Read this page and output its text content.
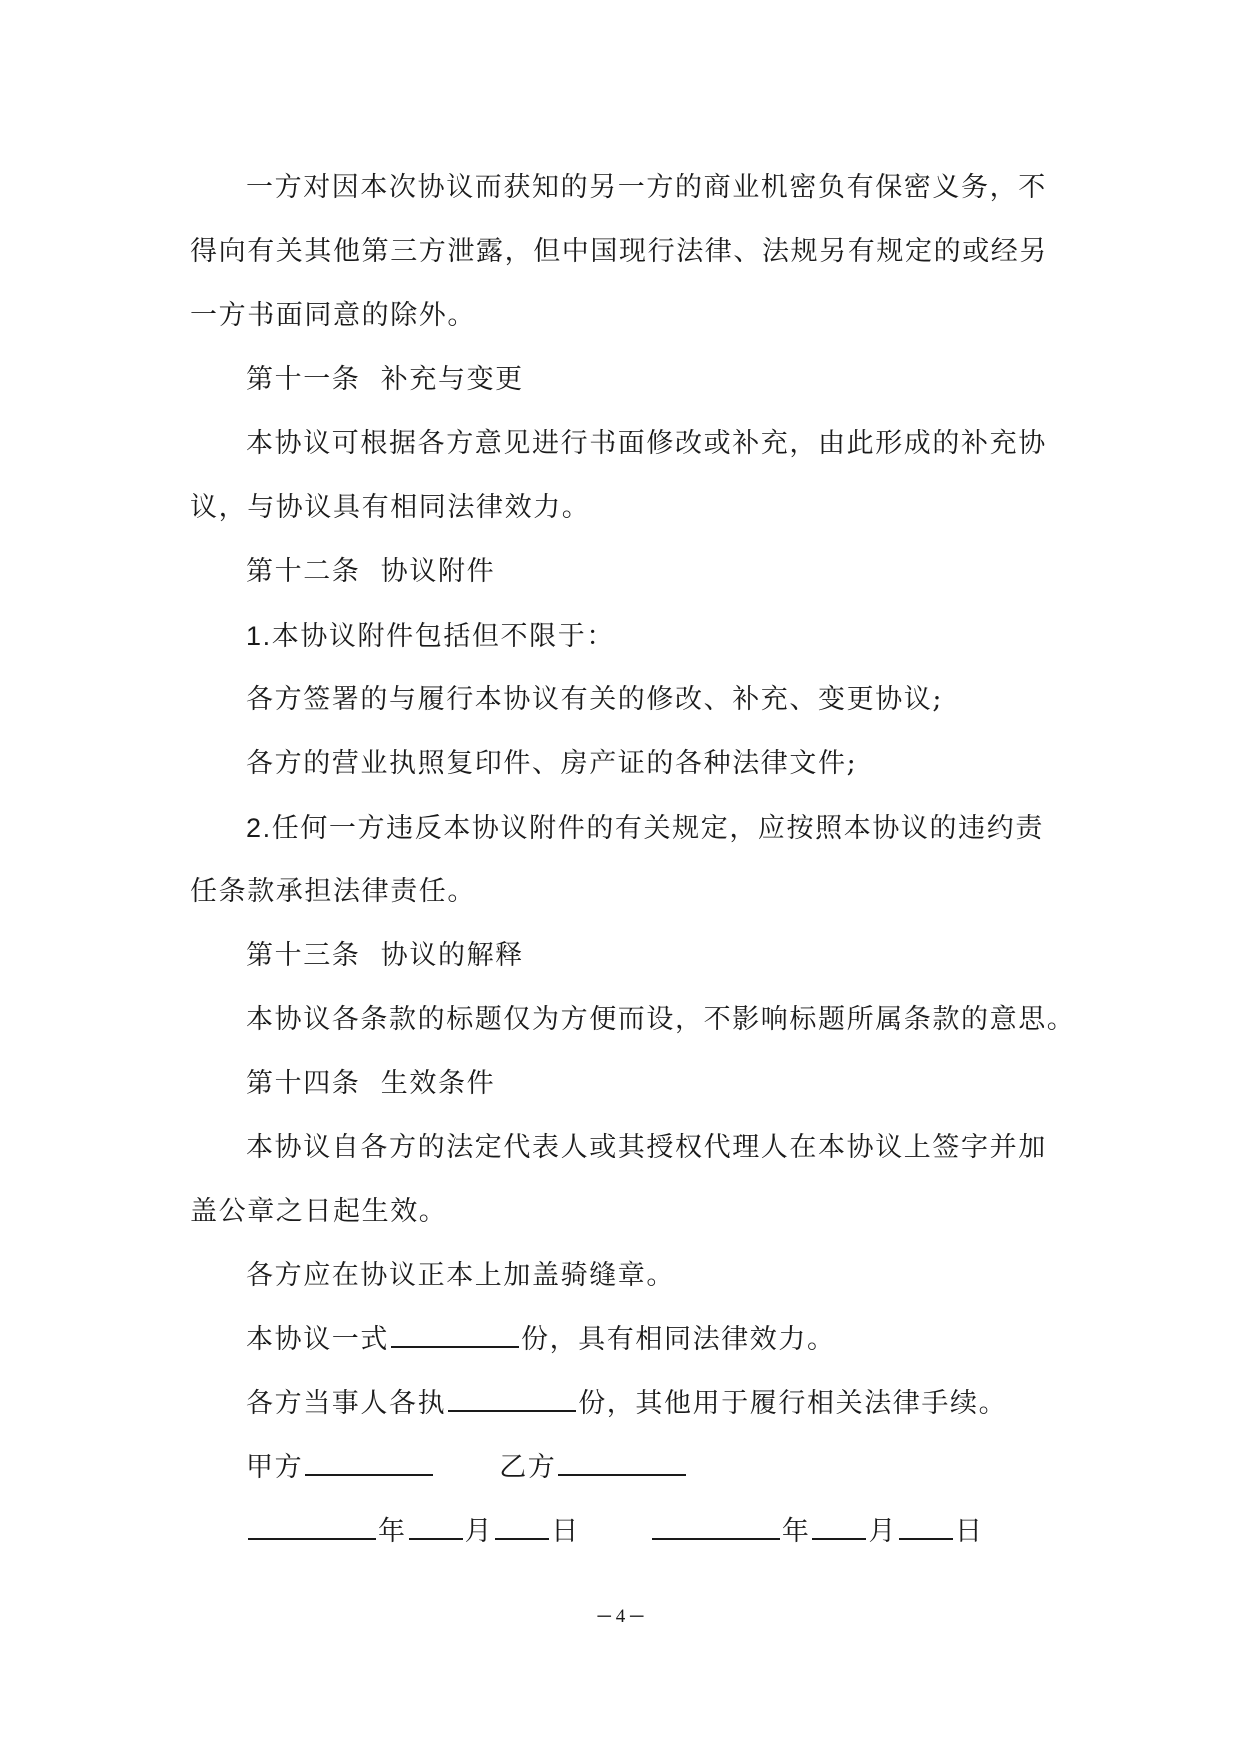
一方对因本次协议而获知的另一方的商业机密负有保密义务，不
得向有关其他第三方泄露，但中国现行法律、法规另有规定的或经另
一方书面同意的除外。
第十一条  补充与变更
本协议可根据各方意见进行书面修改或补充，由此形成的补充协
议，与协议具有相同法律效力。
第十二条  协议附件
1.本协议附件包括但不限于：
各方签署的与履行本协议有关的修改、补充、变更协议;
各方的营业执照复印件、房产证的各种法律文件;
2.任何一方违反本协议附件的有关规定，应按照本协议的违约责
任条款承担法律责任。
第十三条  协议的解释
本协议各条款的标题仅为方便而设，不影响标题所属条款的意思。
第十四条  生效条件
本协议自各方的法定代表人或其授权代理人在本协议上签字并加
盖公章之日起生效。
各方应在协议正本上加盖骑缝章。
本协议一式	份，具有相同法律效力。
各方当事人各执	份，其他用于履行相关法律手续。
甲方	乙方
年 月 日	年 月 日
─ 4 ─
